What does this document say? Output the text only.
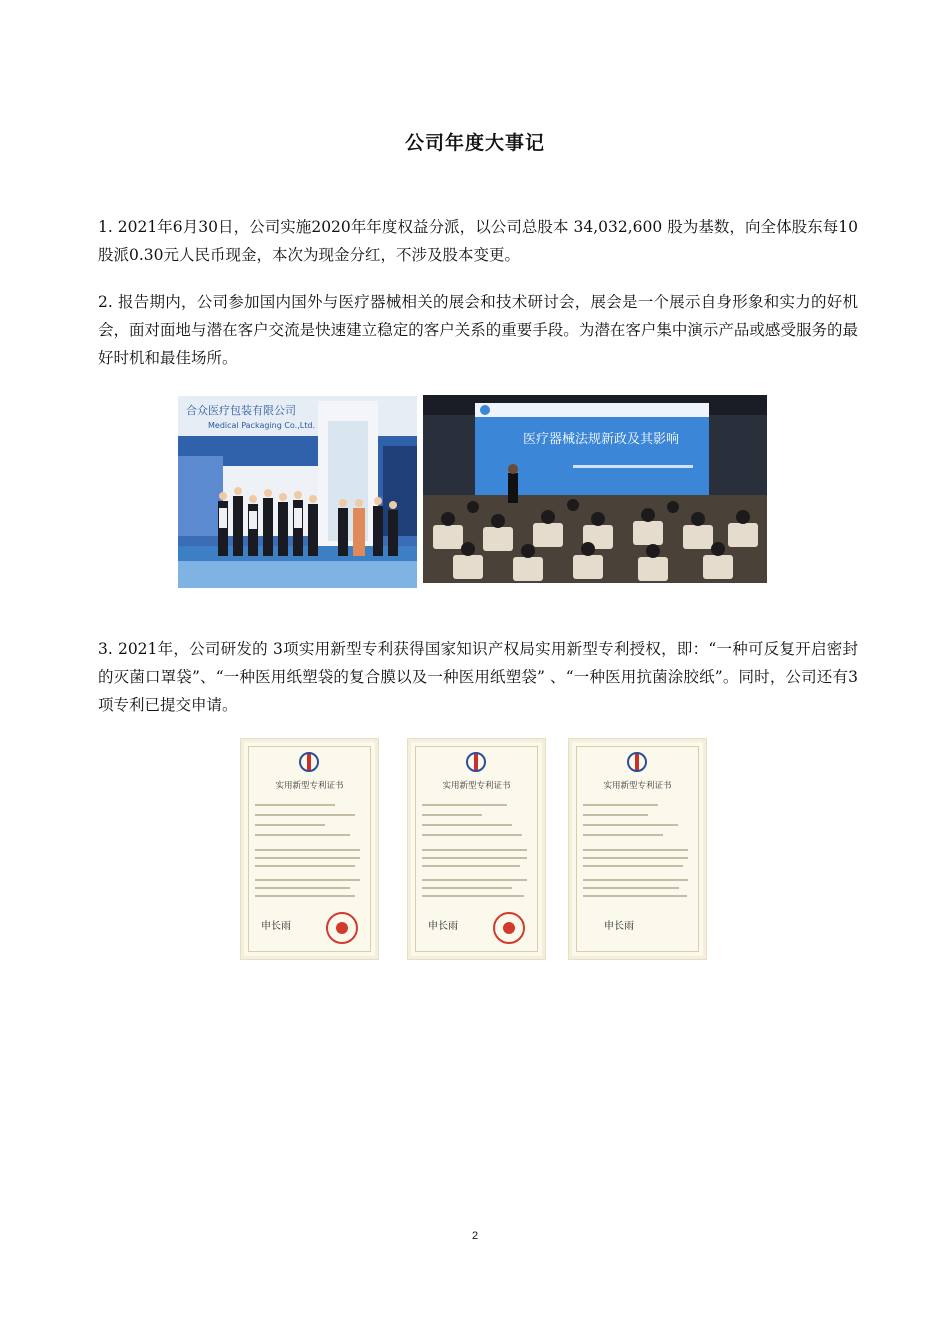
公司年度大事记
1. 2021年6月30日，公司实施2020年年度权益分派，以公司总股本 34,032,600 股为基数，向全体股东每10股派0.30元人民币现金，本次为现金分红，不涉及股本变更。
2. 报告期内，公司参加国内国外与医疗器械相关的展会和技术研讨会，展会是一个展示自身形象和实力的好机会，面对面地与潜在客户交流是快速建立稳定的客户关系的重要手段。为潜在客户集中演示产品或感受服务的最好时机和最佳场所。
合众医疗包装有限公司
Medical Packaging Co.,Ltd.
医疗器械法规新政及其影响
3. 2021年，公司研发的 3项实用新型专利获得国家知识产权局实用新型专利授权，即：“一种可反复开启密封的灭菌口罩袋”、“一种医用纸塑袋的复合膜以及一种医用纸塑袋” 、“一种医用抗菌涂胶纸”。同时，公司还有3项专利已提交申请。
实用新型专利证书
申长雨
实用新型专利证书
申长雨
实用新型专利证书
申长雨
2
